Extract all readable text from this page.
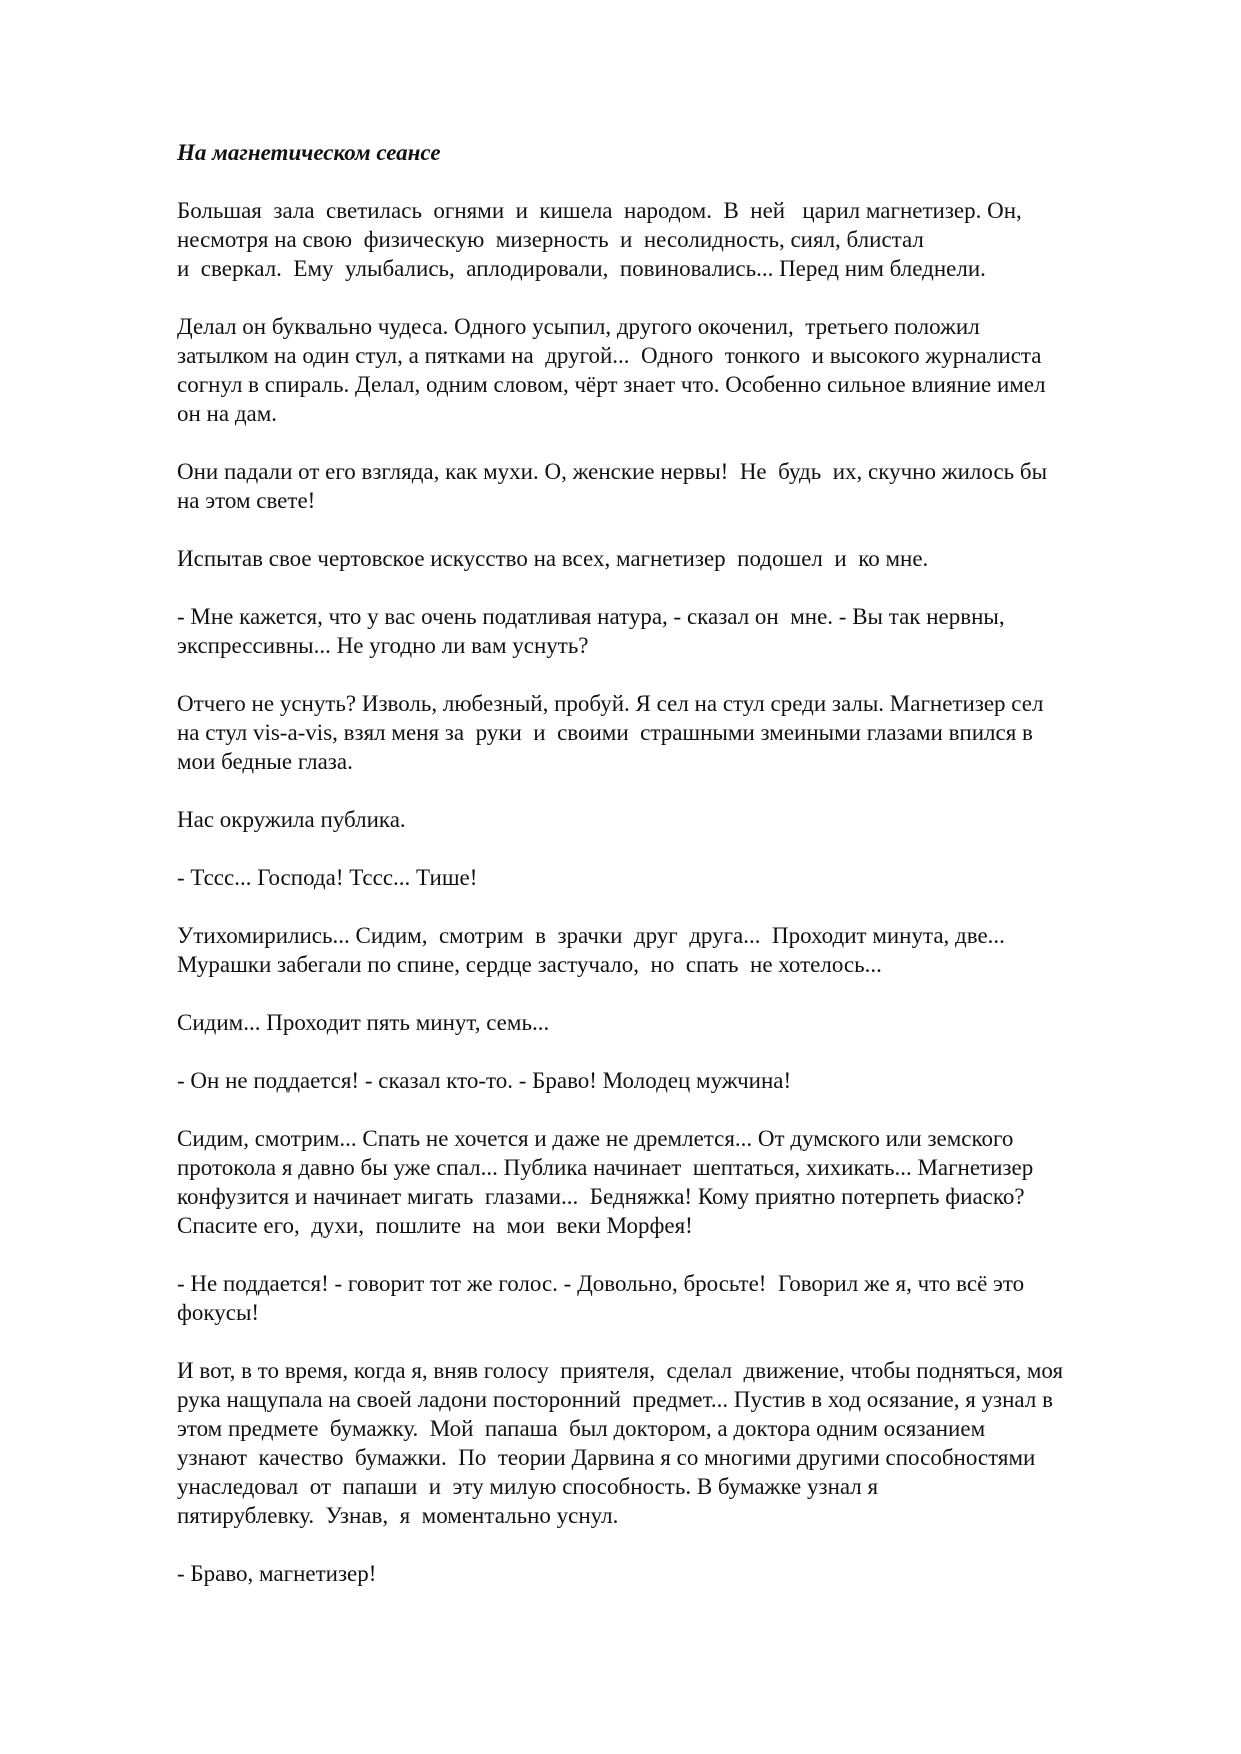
На магнетическом сеансе
Большая  зала  светилась  огнями  и  кишела  народом.  В  ней   царил магнетизер. Он,
несмотря на свою  физическую  мизерность  и  несолидность, сиял, блистал
и  сверкал.  Ему  улыбались,  аплодировали,  повиновались... Перед ним бледнели.
Делал он буквально чудеса. Одного усыпил, другого окоченил,  третьего положил
затылком на один стул, а пятками на  другой...  Одного  тонкого  и высокого журналиста
согнул в спираль. Делал, одним словом, чёрт знает что. Особенно сильное влияние имел
он на дам.
Они падали от его взгляда, как мухи. О, женские нервы!  Не  будь  их, скучно жилось бы
на этом свете!
Испытав свое чертовское искусство на всех, магнетизер  подошел  и  ко мне.
- Мне кажется, что у вас очень податливая натура, - сказал он  мне. - Вы так нервны,
экспрессивны... Не угодно ли вам уснуть?
Отчего не уснуть? Изволь, любезный, пробуй. Я сел на стул среди залы. Магнетизер сел
на стул vis-a-vis, взял меня за  руки  и  своими  страшными змеиными глазами впился в
мои бедные глаза.
Нас окружила публика.
- Тссс... Господа! Тссс... Тише!
Утихомирились... Сидим,  смотрим  в  зрачки  друг  друга...  Проходит минута, две...
Мурашки забегали по спине, сердце застучало,  но  спать  не хотелось...
Сидим... Проходит пять минут, семь...
- Он не поддается! - сказал кто-то. - Браво! Молодец мужчина!
Сидим, смотрим... Спать не хочется и даже не дремлется... От думского или земского
протокола я давно бы уже спал... Публика начинает  шептаться, хихикать... Магнетизер
конфузится и начинает мигать  глазами...  Бедняжка! Кому приятно потерпеть фиаско?
Спасите его,  духи,  пошлите  на  мои  веки Морфея!
- Не поддается! - говорит тот же голос. - Довольно, бросьте!  Говорил же я, что всё это
фокусы!
И вот, в то время, когда я, вняв голосу  приятеля,  сделал  движение, чтобы подняться, моя
рука нащупала на своей ладони посторонний  предмет... Пустив в ход осязание, я узнал в
этом предмете  бумажку.  Мой  папаша  был доктором, а доктора одним осязанием
узнают  качество  бумажки.  По  теории Дарвина я со многими другими способностями
унаследовал  от  папаши  и  эту милую способность. В бумажке узнал я
пятирублевку.  Узнав,  я  моментально уснул.
- Браво, магнетизер!
